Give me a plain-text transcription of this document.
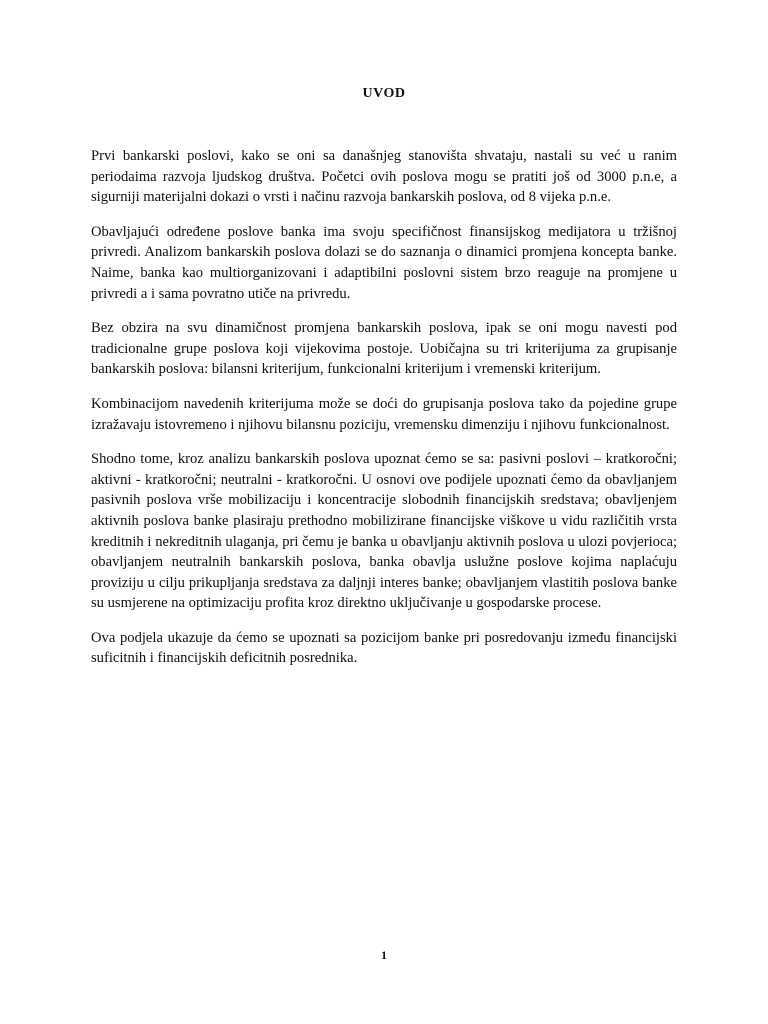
UVOD

Prvi bankarski poslovi, kako se oni sa današnjeg stanovišta shvataju, nastali su već u ranim periodaima razvoja ljudskog društva. Početci ovih poslova mogu se pratiti još od 3000 p.n.e, a sigurniji materijalni dokazi o vrsti i načinu razvoja bankarskih poslova, od 8 vijeka p.n.e.

Obavljajući određene poslove banka ima svoju specifičnost finansijskog medijatora u tržišnoj privredi. Analizom bankarskih poslova dolazi se do saznanja o dinamici promjena koncepta banke. Naime, banka kao multiorganizovani i adaptibilni poslovni sistem brzo reaguje na promjene u privredi a i sama povratno utiče na privredu.

Bez obzira na svu dinamičnost promjena bankarskih poslova, ipak se oni mogu navesti pod tradicionalne grupe poslova koji vijekovima postoje. Uobičajna su tri kriterijuma za grupisanje bankarskih poslova: bilansni kriterijum, funkcionalni kriterijum i vremenski kriterijum.

Kombinacijom navedenih kriterijuma može se doći do grupisanja poslova tako da pojedine grupe izražavaju istovremeno i njihovu bilansnu poziciju, vremensku dimenziju i njihovu funkcionalnost.

Shodno tome, kroz analizu bankarskih poslova upoznat ćemo se sa: pasivni poslovi – kratkoročni; aktivni - kratkoročni; neutralni - kratkoročni. U osnovi ove podijele upoznati ćemo da obavljanjem pasivnih poslova vrše mobilizaciju i koncentracije slobodnih financijskih sredstava; obavljenjem aktivnih poslova banke plasiraju prethodno mobilizirane financijske viškove u vidu različitih vrsta kreditnih i nekreditnih ulaganja, pri čemu je banka u obavljanju aktivnih poslova u ulozi povjerioca; obavljanjem neutralnih bankarskih poslova, banka obavlja uslužne poslove kojima naplaćuju proviziju u cilju prikupljanja sredstava za daljnji interes banke; obavljanjem vlastitih poslova banke su usmjerene na optimizaciju profita kroz direktno uključivanje u gospodarske procese.

Ova podjela ukazuje da ćemo se upoznati sa pozicijom banke pri posredovanju između financijski suficitnih i financijskih deficitnih posrednika.

1
